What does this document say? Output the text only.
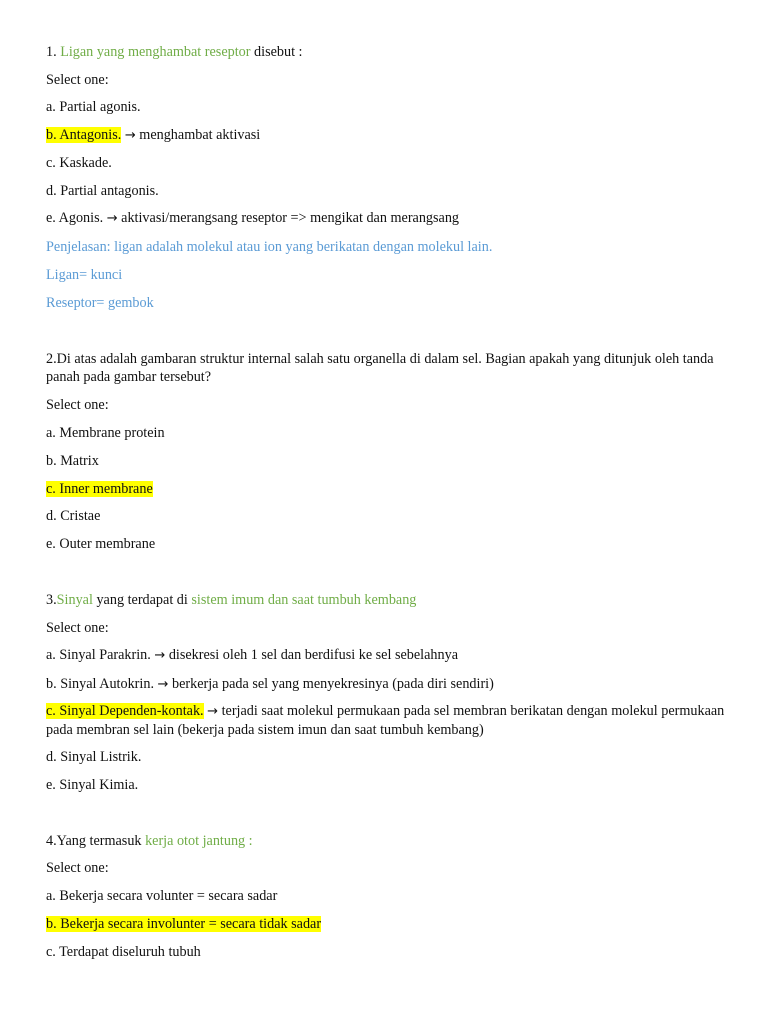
1. Ligan yang menghambat reseptor disebut :
Select one:
a. Partial agonis.
b. Antagonis. → menghambat aktivasi
c. Kaskade.
d. Partial antagonis.
e. Agonis. → aktivasi/merangsang reseptor => mengikat dan merangsang
Penjelasan: ligan adalah molekul atau ion yang berikatan dengan molekul lain.
Ligan= kunci
Reseptor= gembok
2.Di atas adalah gambaran struktur internal salah satu organella di dalam sel. Bagian apakah yang ditunjuk oleh tanda panah pada gambar tersebut?
Select one:
a. Membrane protein
b. Matrix
c. Inner membrane
d. Cristae
e. Outer membrane
3.Sinyal yang terdapat di sistem imum dan saat tumbuh kembang
Select one:
a. Sinyal Parakrin. → disekresi oleh 1 sel dan berdifusi ke sel sebelahnya
b. Sinyal Autokrin. → berkerja pada sel yang menyekresinya (pada diri sendiri)
c. Sinyal Dependen-kontak. → terjadi saat molekul permukaan pada sel membran berikatan dengan molekul permukaan pada membran sel lain (bekerja pada sistem imun dan saat tumbuh kembang)
d. Sinyal Listrik.
e. Sinyal Kimia.
4.Yang termasuk kerja otot jantung :
Select one:
a. Bekerja secara volunter = secara sadar
b. Bekerja secara involunter = secara tidak sadar
c. Terdapat diseluruh tubuh
